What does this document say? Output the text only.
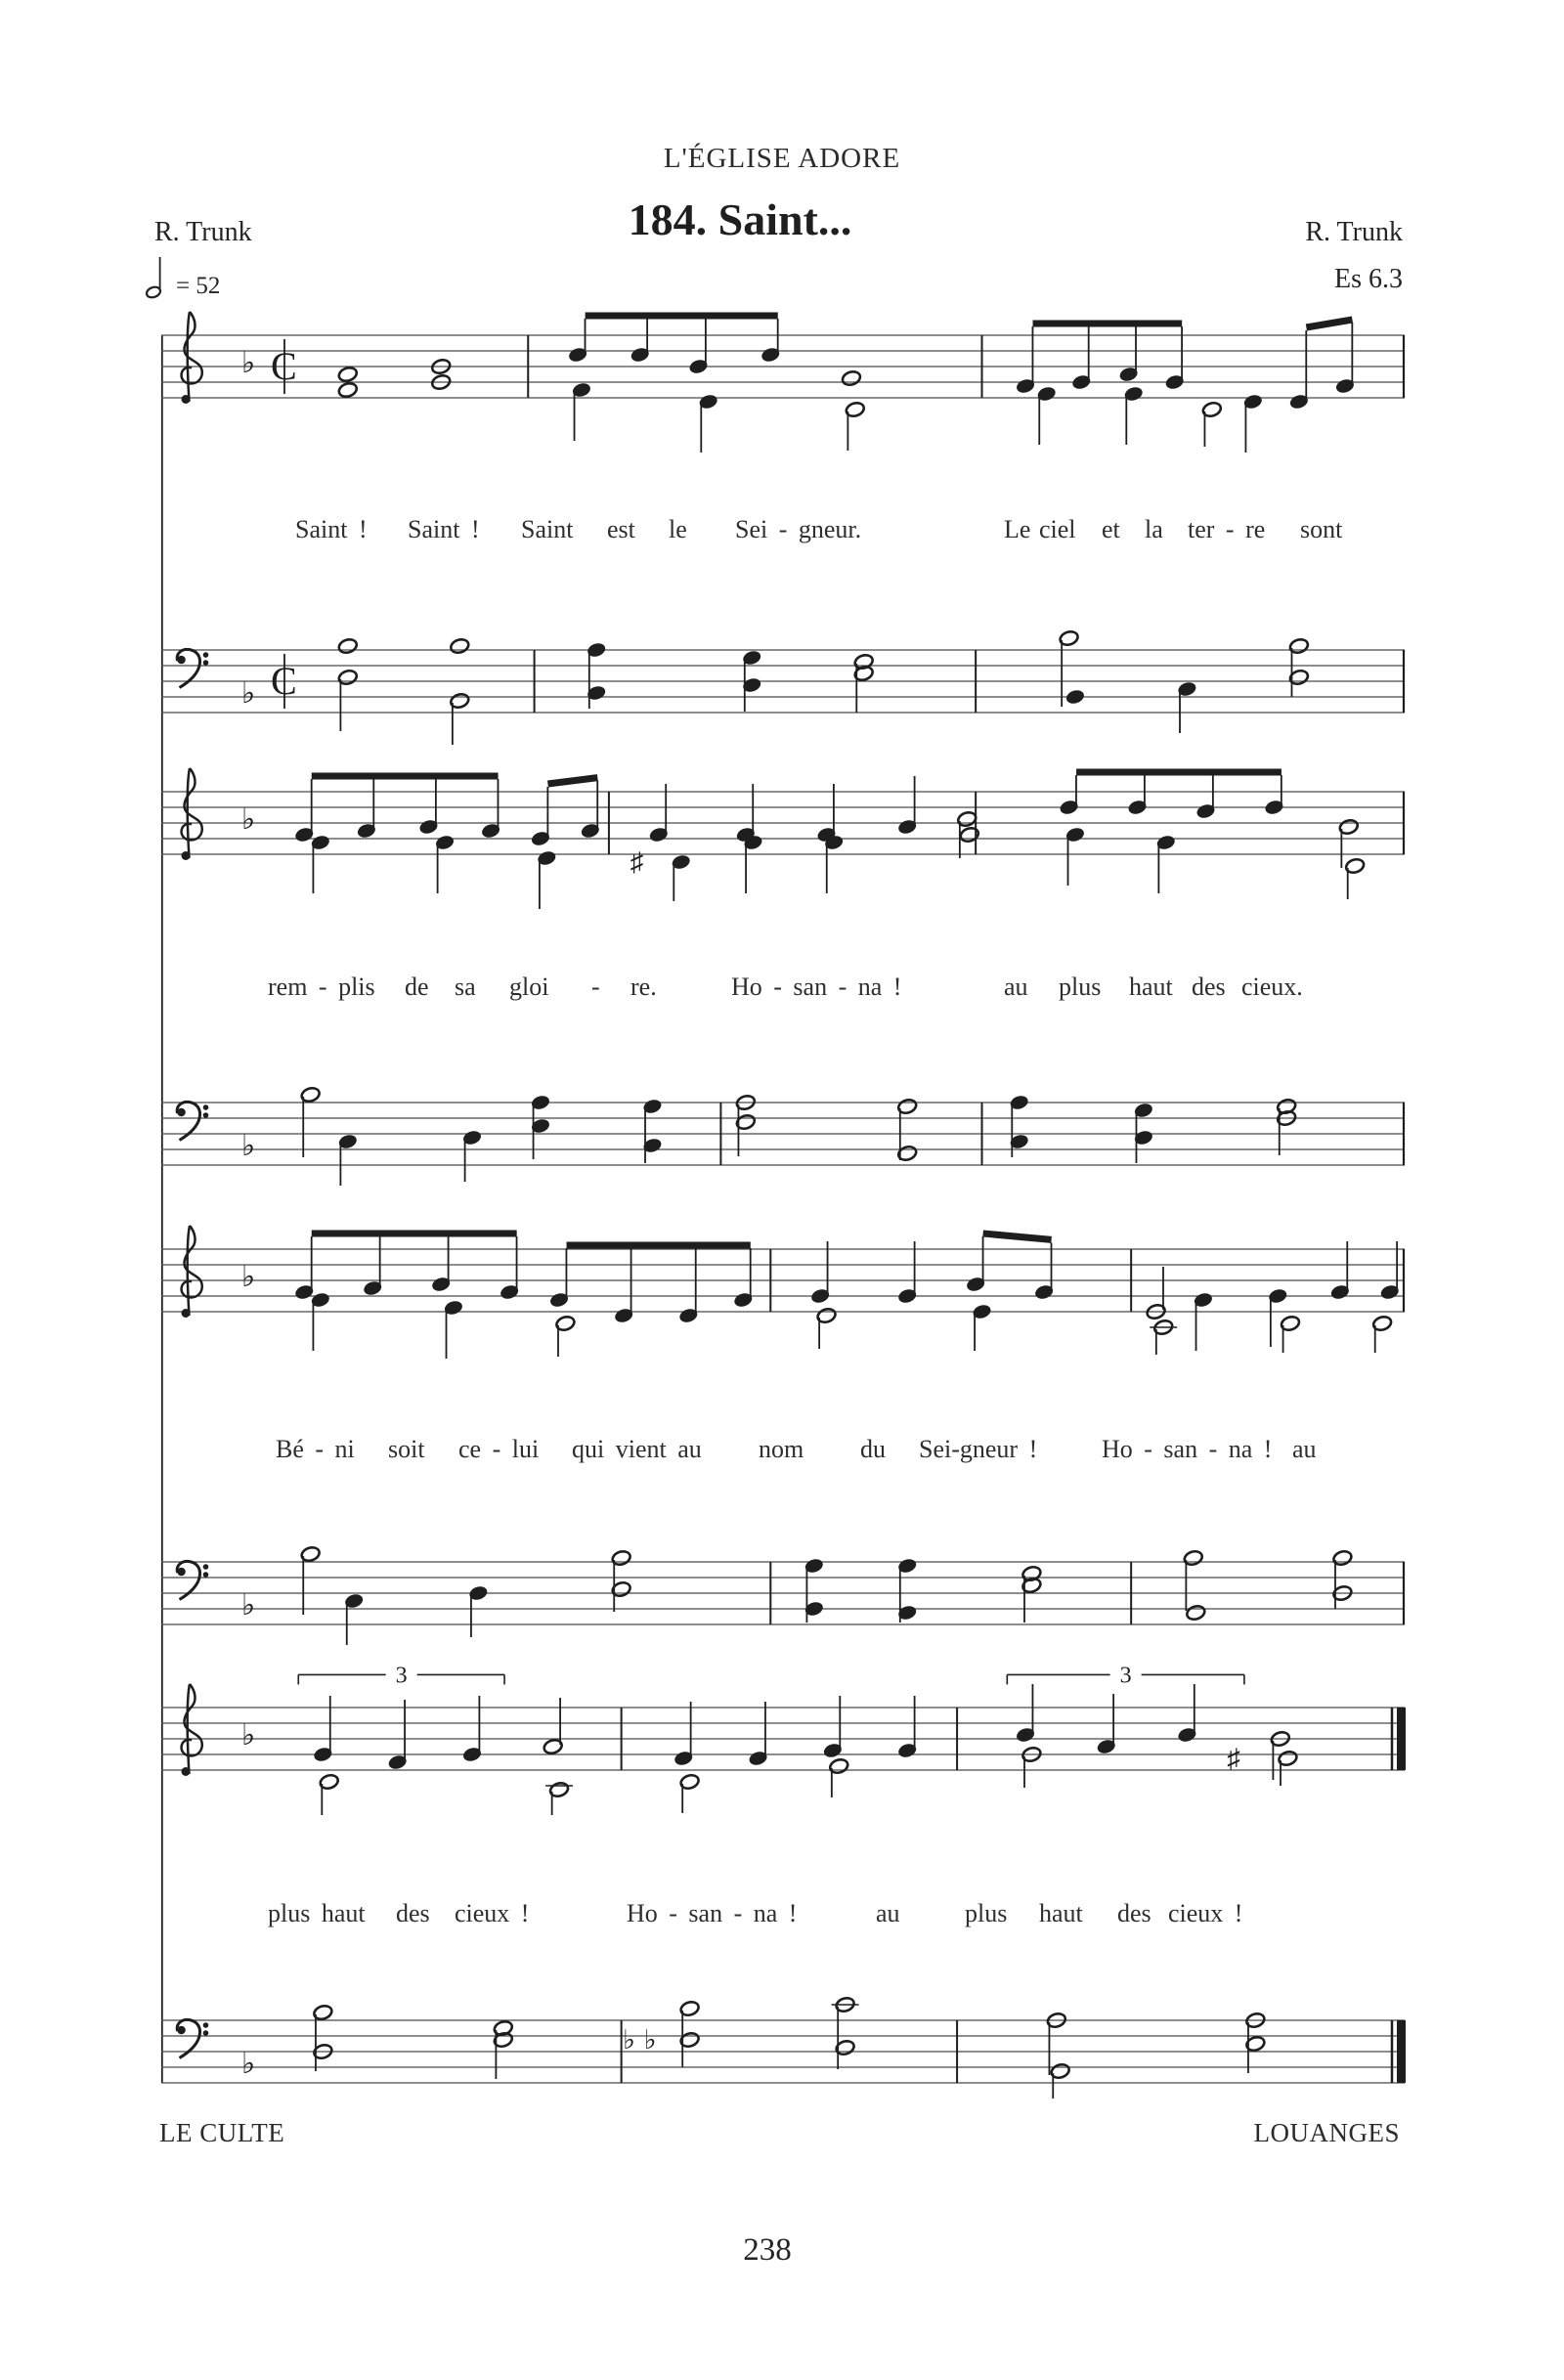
L'ÉGLISE ADORE
184. Saint...
R. Trunk	R. Trunk
Es 6.3
= 52
♭ C
♭ C
♭
♯
♭
♭
♭
♭
3	3
♯
♭
♭ ♭
Saint ! Saint ! Saint est le Sei - gneur.	Le ciel et la ter - re sont
rem - plis de sa gloi - re.	Ho - san - na !	au plus haut des cieux.
Bé - ni soit ce - lui qui vient au nom du Sei-gneur !	Ho - san - na ! au
plus haut des cieux !	Ho - san - na !	au	plus haut des cieux !
LE CULTE	LOUANGES
238
